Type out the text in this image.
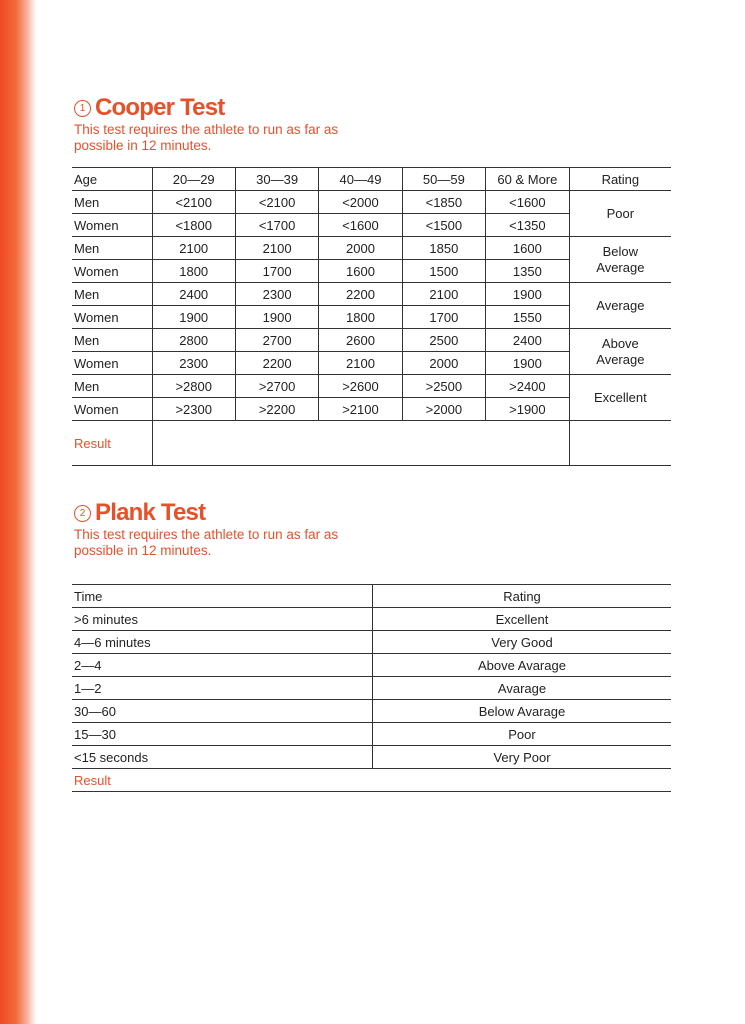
1 Cooper Test
This test requires the athlete to run as far as possible in 12 minutes.
Age	20—29	30—39	40—49	50—59	60 & More	Rating
Men	<2100	<2100	<2000	<1850	<1600	Poor
Women	<1800	<1700	<1600	<1500	<1350	
Men	2100	2100	2000	1850	1600	Below
Average
Women	1800	1700	1600	1500	1350	
Men	2400	2300	2200	2100	1900	Average
Women	1900	1900	1800	1700	1550	
Men	2800	2700	2600	2500	2400	Above
Average
Women	2300	2200	2100	2000	1900	
Men	>2800	>2700	>2600	>2500	>2400	Excellent
Women	>2300	>2200	>2100	>2000	>1900	
Result						
2 Plank Test
This test requires the athlete to run as far as possible in 12 minutes.
Time	Rating
>6 minutes	Excellent
4—6 minutes	Very Good
2—4	Above Avarage
1—2	Avarage
30—60	Below Avarage
15—30	Poor
<15 seconds	Very Poor
Result	
